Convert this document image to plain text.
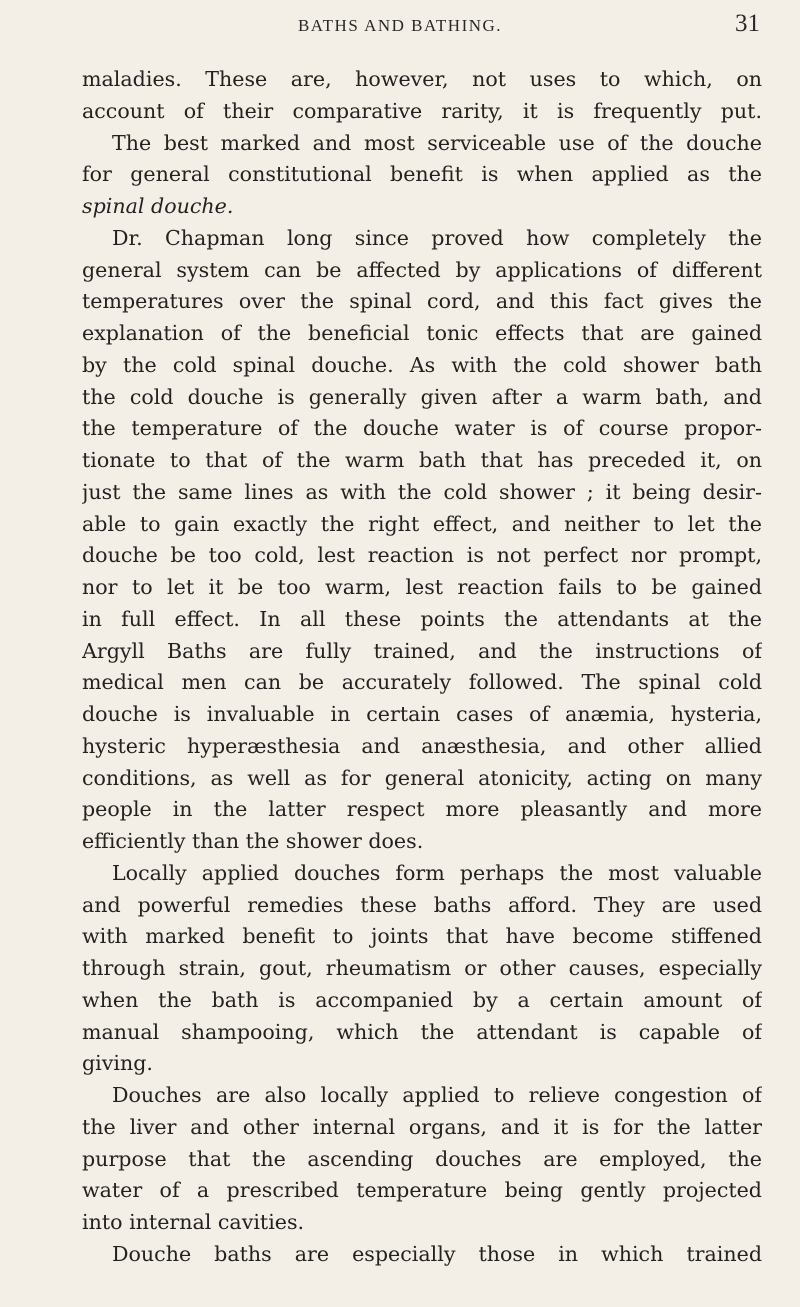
BATHS AND BATHING.	31
maladies. These are, however, not uses to which, on
account of their comparative rarity, it is frequently put.
The best marked and most serviceable use of the douche
for general constitutional benefit is when applied as the
spinal douche.
Dr. Chapman long since proved how completely the
general system can be affected by applications of different
temperatures over the spinal cord, and this fact gives the
explanation of the beneficial tonic effects that are gained
by the cold spinal douche. As with the cold shower bath
the cold douche is generally given after a warm bath, and
the temperature of the douche water is of course propor-
tionate to that of the warm bath that has preceded it, on
just the same lines as with the cold shower ; it being desir-
able to gain exactly the right effect, and neither to let the
douche be too cold, lest reaction is not perfect nor prompt,
nor to let it be too warm, lest reaction fails to be gained
in full effect. In all these points the attendants at the
Argyll Baths are fully trained, and the instructions of
medical men can be accurately followed. The spinal cold
douche is invaluable in certain cases of anæmia, hysteria,
hysteric hyperæsthesia and anæsthesia, and other allied
conditions, as well as for general atonicity, acting on many
people in the latter respect more pleasantly and more
efficiently than the shower does.
Locally applied douches form perhaps the most valuable
and powerful remedies these baths afford. They are used
with marked benefit to joints that have become stiffened
through strain, gout, rheumatism or other causes, especially
when the bath is accompanied by a certain amount of
manual shampooing, which the attendant is capable of
giving.
Douches are also locally applied to relieve congestion of
the liver and other internal organs, and it is for the latter
purpose that the ascending douches are employed, the
water of a prescribed temperature being gently projected
into internal cavities.
Douche baths are especially those in which trained
